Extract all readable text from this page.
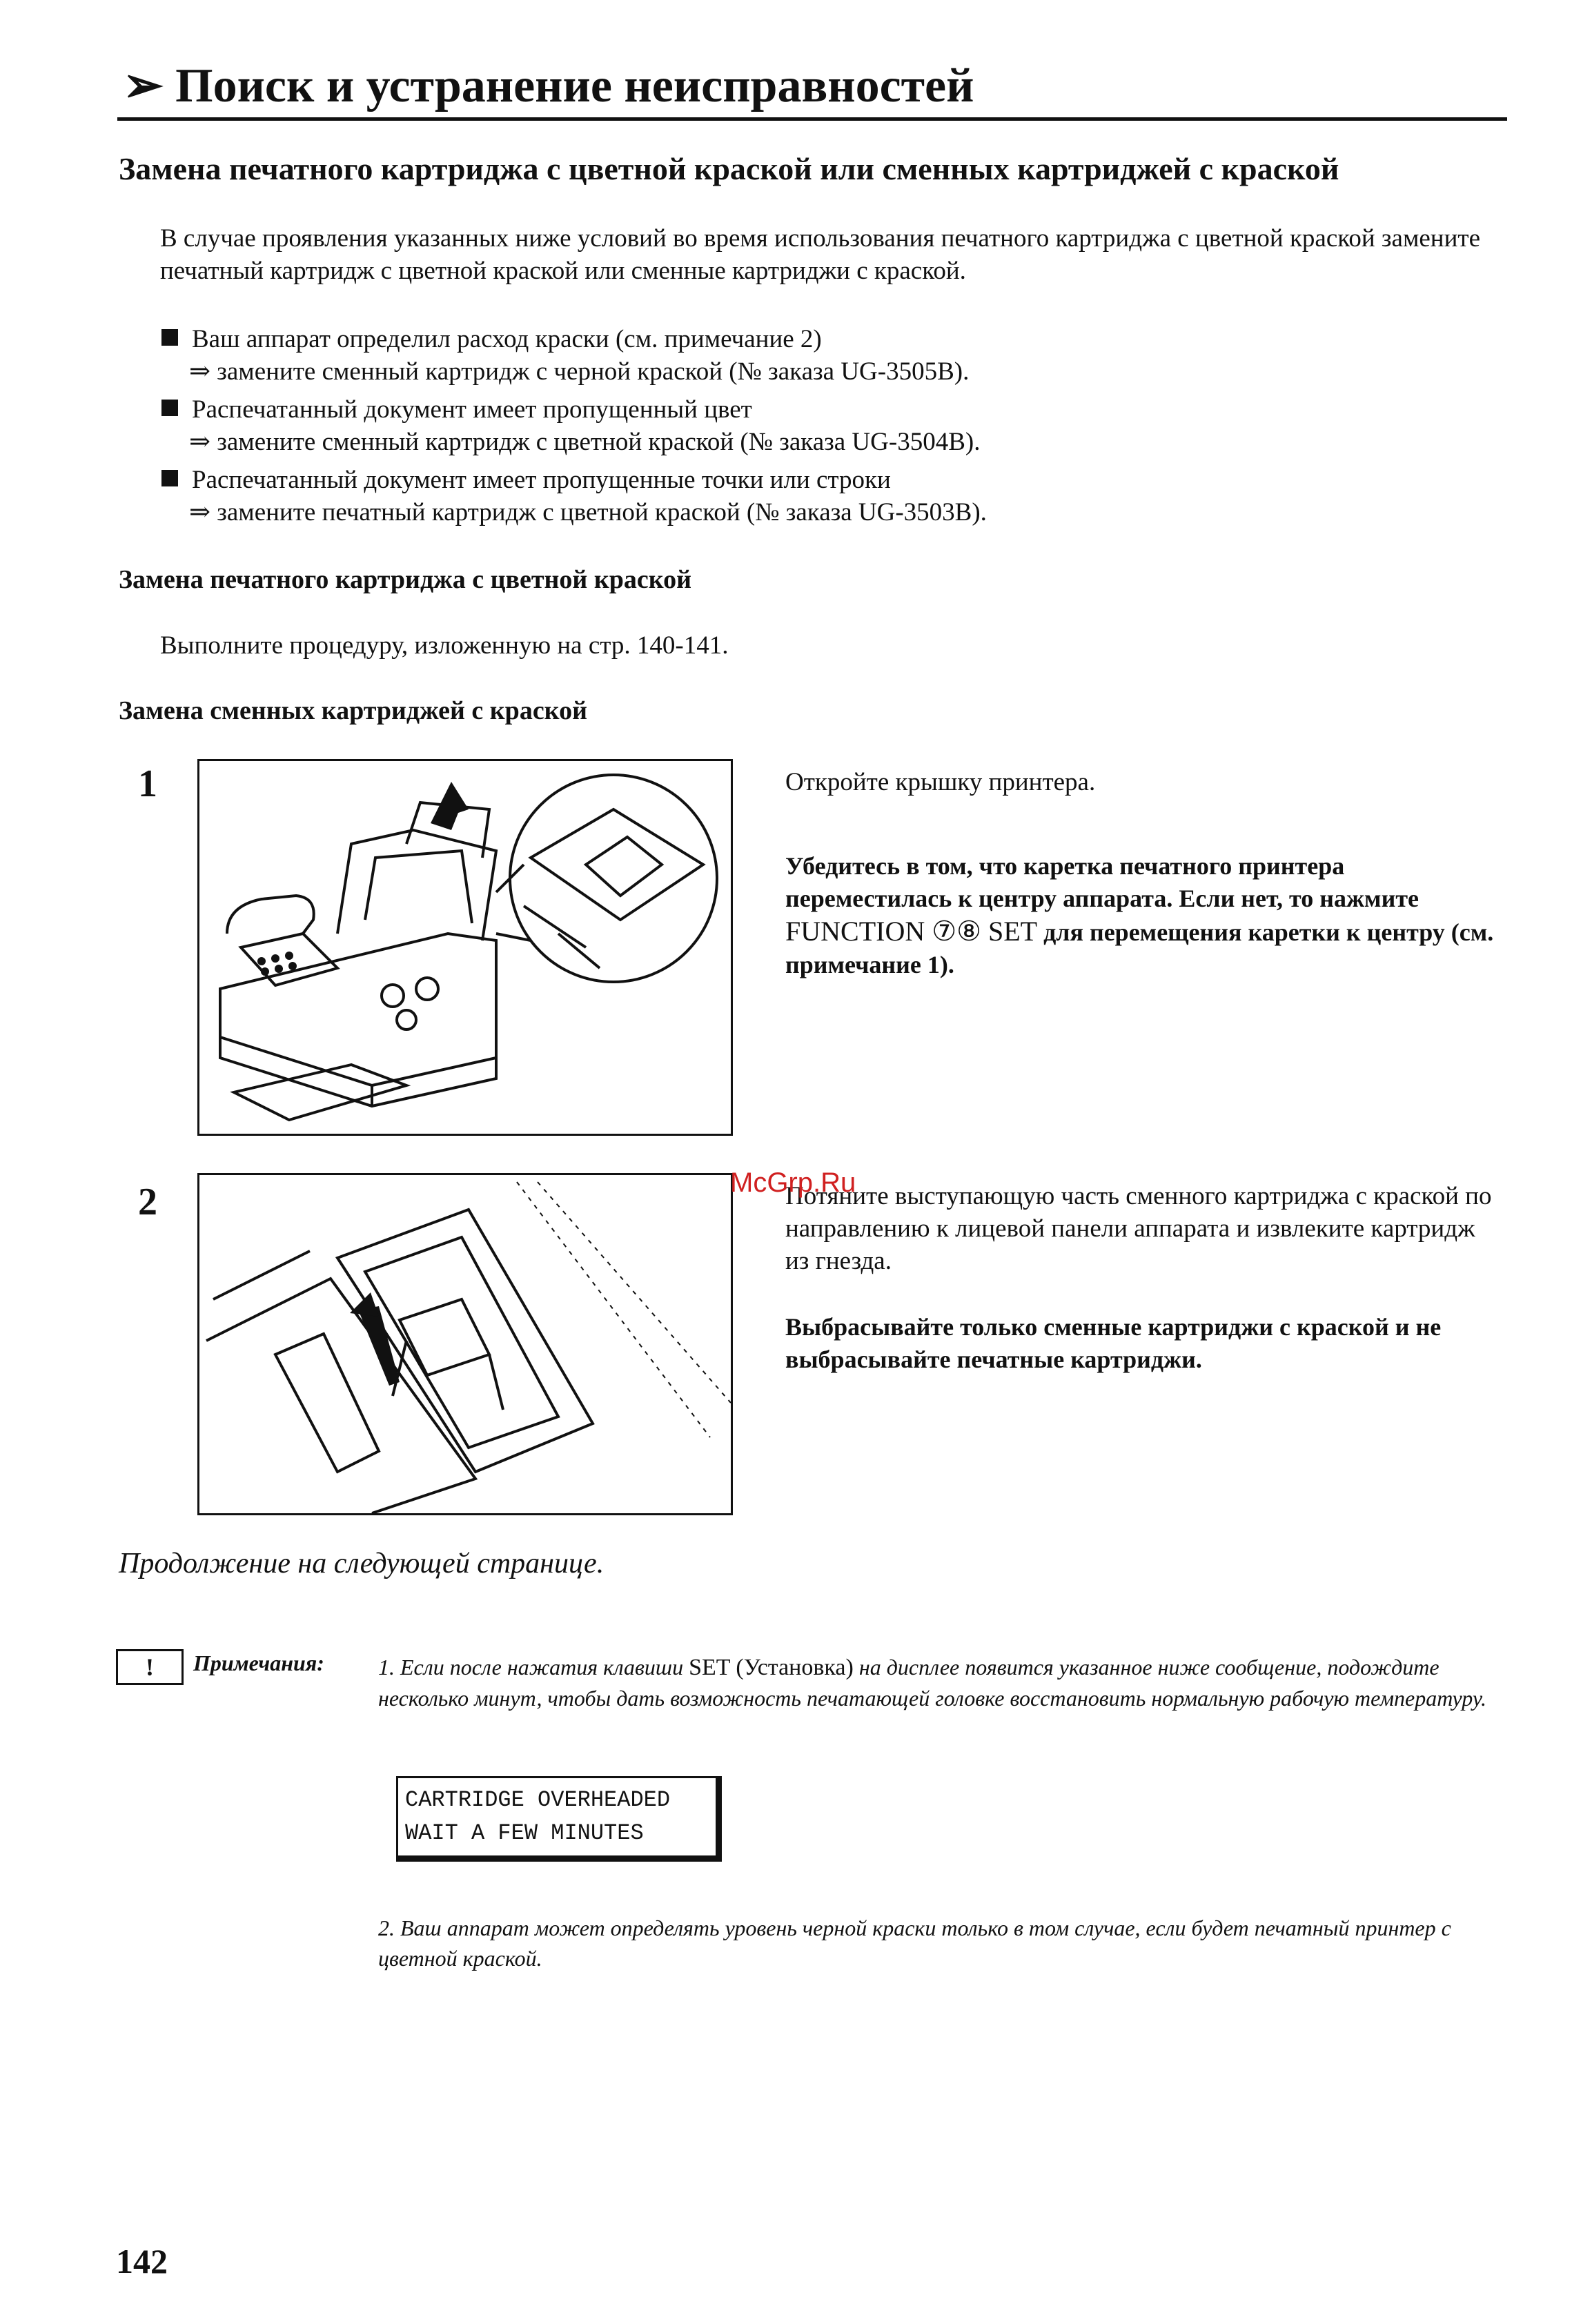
➢ Поиск и устранение неисправностей
Замена печатного картриджа с цветной краской или сменных картриджей с краской
В случае проявления указанных ниже условий во время использования печатного картриджа с цветной краской замените печатный картридж с цветной краской или сменные картриджи с краской.
Ваш аппарат определил расход краски (см. примечание 2)
⇒ замените сменный картридж с черной краской (№ заказа UG-3505B).
Распечатанный документ имеет пропущенный цвет
⇒ замените сменный картридж с цветной краской (№ заказа UG-3504B).
Распечатанный документ имеет пропущенные точки или строки
⇒ замените печатный картридж с цветной краской (№ заказа UG-3503B).
Замена печатного картриджа с цветной краской
Выполните процедуру, изложенную на стр. 140-141.
Замена сменных картриджей с краской
1	Откройте крышку принтера.
Убедитесь в том, что каретка печатного принтера переместилась к центру аппарата. Если нет, то нажмите FUNCTION ⑦⑧ SET для перемещения каретки к центру (см. примечание 1).
2	Потяните выступающую часть сменного картриджа с краской по направлению к лицевой панели аппарата и извлеките картридж из гнезда.
Выбрасывайте только сменные картриджи с краской и не выбрасывайте печатные картриджи.
McGrp.Ru
Продолжение на следующей странице.
!	Примечания: 1. Если после нажатия клавиши SET (Установка) на дисплее появится указанное ниже сообщение, подождите несколько минут, чтобы дать возможность печатающей головке восстановить нормальную рабочую температуру.
CARTRIDGE OVERHEADED
WAIT A FEW MINUTES
2. Ваш аппарат может определять уровень черной краски только в том случае, если будет печатный принтер с цветной краской.
142
